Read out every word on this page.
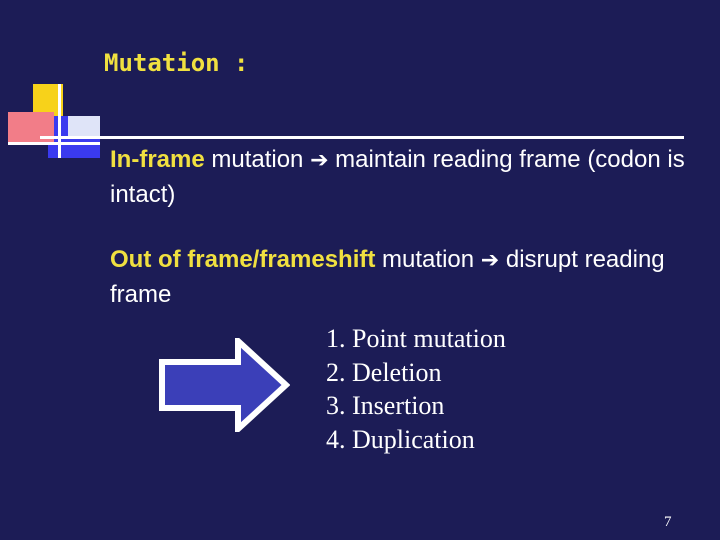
Mutation :
In-frame mutation ➔ maintain reading frame (codon is intact)
Out of frame/frameshift mutation ➔ disrupt reading frame
1. Point mutation
2. Deletion
3. Insertion
4. Duplication
7
